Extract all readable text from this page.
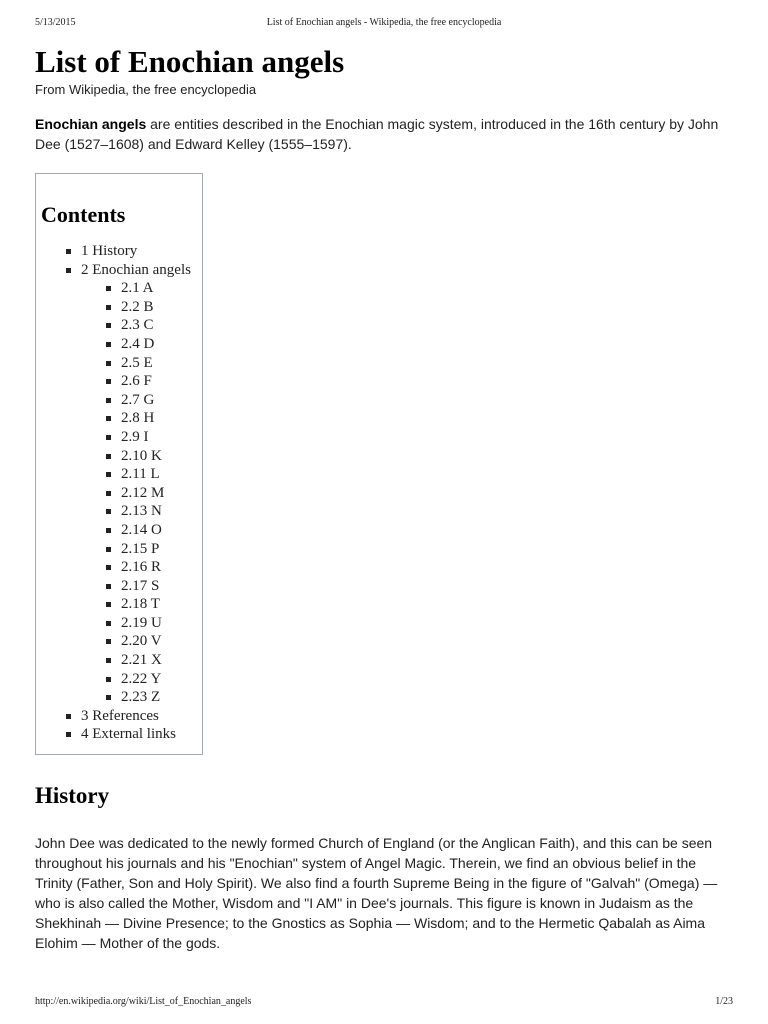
5/13/2015	List of Enochian angels - Wikipedia, the free encyclopedia
List of Enochian angels
From Wikipedia, the free encyclopedia
Enochian angels are entities described in the Enochian magic system, introduced in the 16th century by John Dee (1527–1608) and Edward Kelley (1555–1597).
Contents
1 History
2 Enochian angels
2.1 A
2.2 B
2.3 C
2.4 D
2.5 E
2.6 F
2.7 G
2.8 H
2.9 I
2.10 K
2.11 L
2.12 M
2.13 N
2.14 O
2.15 P
2.16 R
2.17 S
2.18 T
2.19 U
2.20 V
2.21 X
2.22 Y
2.23 Z
3 References
4 External links
History
John Dee was dedicated to the newly formed Church of England (or the Anglican Faith), and this can be seen throughout his journals and his "Enochian" system of Angel Magic. Therein, we find an obvious belief in the Trinity (Father, Son and Holy Spirit). We also find a fourth Supreme Being in the figure of "Galvah" (Omega) — who is also called the Mother, Wisdom and "I AM" in Dee's journals. This figure is known in Judaism as the Shekhinah — Divine Presence; to the Gnostics as Sophia — Wisdom; and to the Hermetic Qabalah as Aima Elohim — Mother of the gods.
http://en.wikipedia.org/wiki/List_of_Enochian_angels	1/23
